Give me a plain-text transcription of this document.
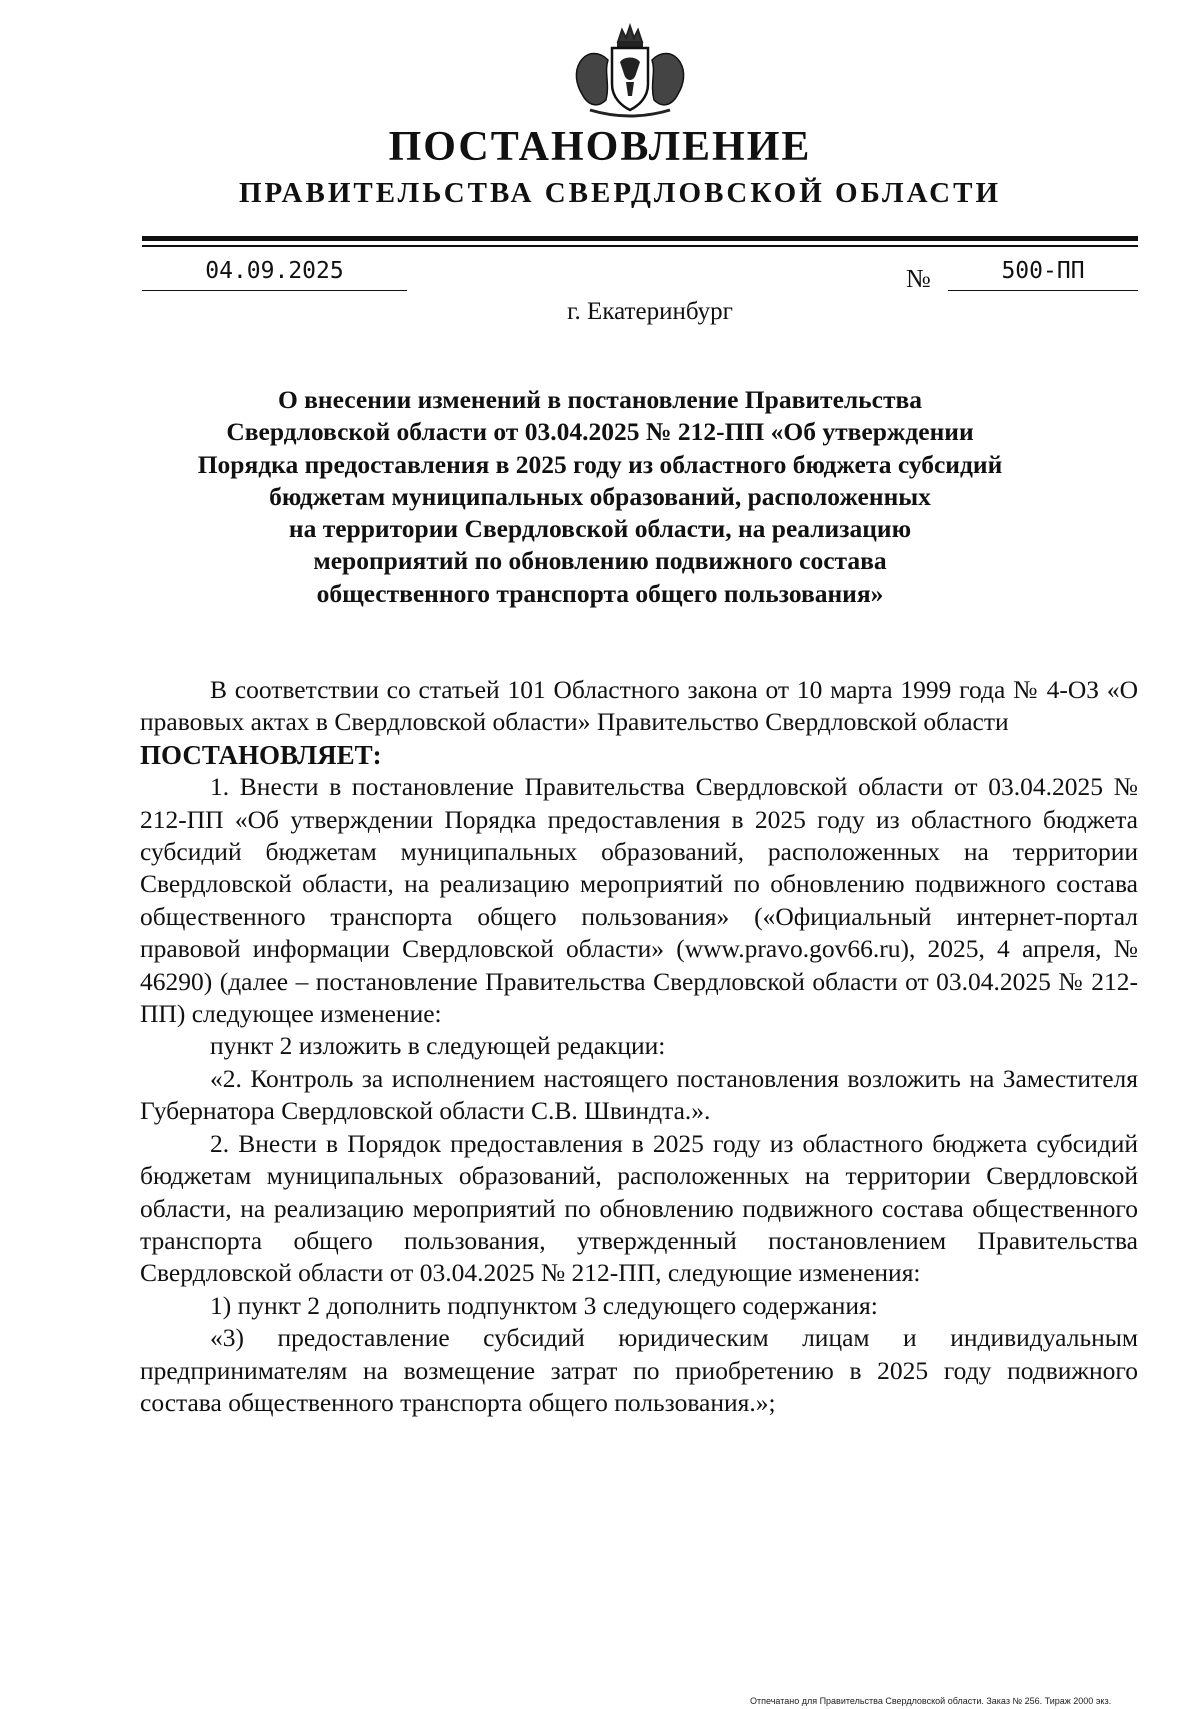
ПОСТАНОВЛЕНИЕ
ПРАВИТЕЛЬСТВА СВЕРДЛОВСКОЙ ОБЛАСТИ
04.09.2025	№	500-ПП
г. Екатеринбург
О внесении изменений в постановление Правительства
Свердловской области от 03.04.2025 № 212-ПП «Об утверждении
Порядка предоставления в 2025 году из областного бюджета субсидий
бюджетам муниципальных образований, расположенных
на территории Свердловской области, на реализацию
мероприятий по обновлению подвижного состава
общественного транспорта общего пользования»

В соответствии со статьей 101 Областного закона от 10 марта 1999 года № 4-ОЗ «О правовых актах в Свердловской области» Правительство Свердловской области

ПОСТАНОВЛЯЕТ:

1. Внести в постановление Правительства Свердловской области от 03.04.2025 № 212-ПП «Об утверждении Порядка предоставления в 2025 году из областного бюджета субсидий бюджетам муниципальных образований, расположенных на территории Свердловской области, на реализацию мероприятий по обновлению подвижного состава общественного транспорта общего пользования» («Официальный интернет-портал правовой информации Свердловской области» (www.pravo.gov66.ru), 2025, 4 апреля, № 46290) (далее – постановление Правительства Свердловской области от 03.04.2025 № 212-ПП) следующее изменение:

пункт 2 изложить в следующей редакции:

«2. Контроль за исполнением настоящего постановления возложить на Заместителя Губернатора Свердловской области С.В. Швиндта.».

2. Внести в Порядок предоставления в 2025 году из областного бюджета субсидий бюджетам муниципальных образований, расположенных на территории Свердловской области, на реализацию мероприятий по обновлению подвижного состава общественного транспорта общего пользования, утвержденный постановлением Правительства Свердловской области от 03.04.2025 № 212-ПП, следующие изменения:

1) пункт 2 дополнить подпунктом 3 следующего содержания:

«3) предоставление субсидий юридическим лицам и индивидуальным предпринимателям на возмещение затрат по приобретению в 2025 году подвижного состава общественного транспорта общего пользования.»;

Отпечатано для Правительства Свердловской области. Заказ № 256. Тираж 2000 экз.
